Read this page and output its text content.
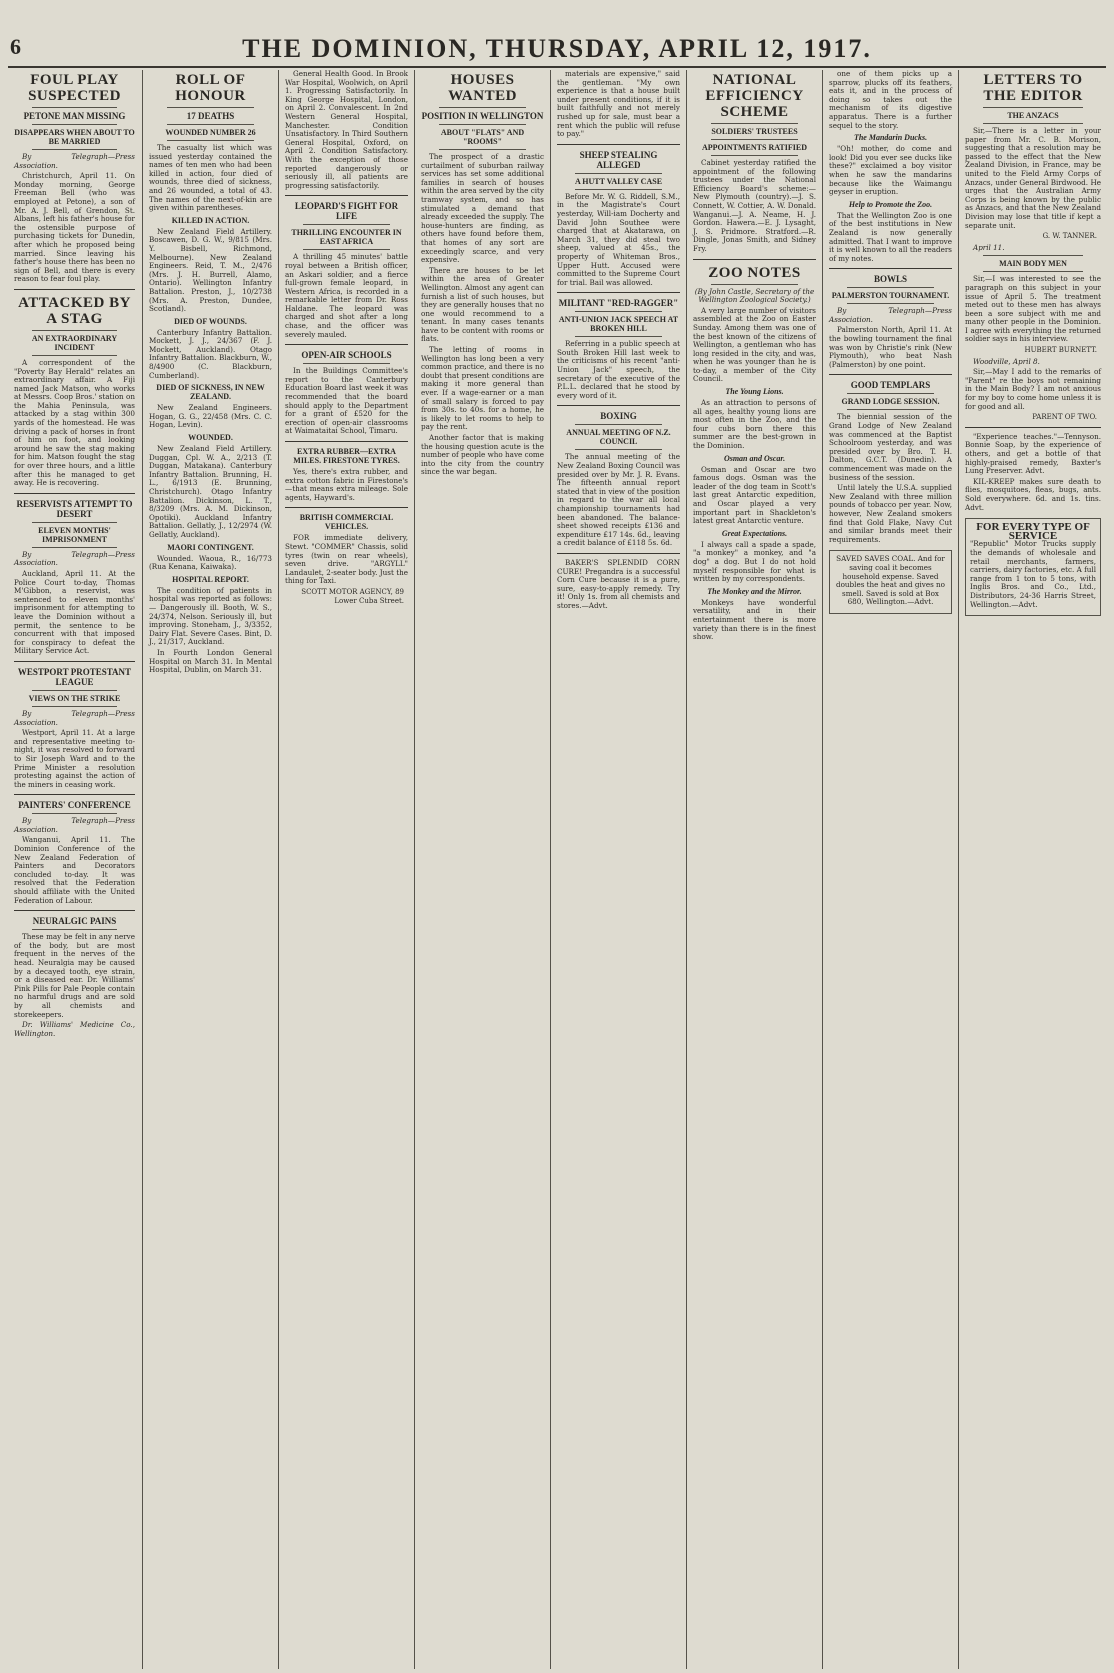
6	THE DOMINION, THURSDAY, APRIL 12, 1917.
FOUL PLAY SUSPECTED
PETONE MAN MISSING
DISAPPEARS WHEN ABOUT TO BE MARRIED

By Telegraph—Press Association.

Christchurch, April 11. On Monday morning, George Freeman Bell (who was employed at Petone), a son of Mr. A. J. Bell, of Grendon, St. Albans, left his father's house for the ostensible purpose of purchasing tickets for Dunedin, after which he proposed being married. Since leaving his father's house there has been no sign of Bell, and there is every reason to fear foul play.

ATTACKED BY A STAG
AN EXTRAORDINARY INCIDENT

A correspondent of the "Poverty Bay Herald" relates an extraordinary affair. A Fiji named Jack Matson, who works at Messrs. Coop Bros.' station on the Mahia Peninsula, was attacked by a stag within 300 yards of the homestead. He was driving a pack of horses in front of him on foot, and looking around he saw the stag making for him. Matson fought the stag for over three hours, and a little after this he managed to get away. He is recovering.

RESERVISTS ATTEMPT TO DESERT
ELEVEN MONTHS' IMPRISONMENT

By Telegraph—Press Association.

Auckland, April 11. At the Police Court to-day, Thomas M'Gibbon, a reservist, was sentenced to eleven months' imprisonment for attempting to leave the Dominion without a permit, the sentence to be concurrent with that imposed for conspiracy to defeat the Military Service Act.

WESTPORT PROTESTANT LEAGUE
VIEWS ON THE STRIKE

By Telegraph—Press Association.

Westport, April 11. At a large and representative meeting to-night, it was resolved to forward to Sir Joseph Ward and to the Prime Minister a resolution protesting against the action of the miners in ceasing work.

PAINTERS' CONFERENCE

By Telegraph—Press Association.

Wanganui, April 11. The Dominion Conference of the New Zealand Federation of Painters and Decorators concluded to-day. It was resolved that the Federation should affiliate with the United Federation of Labour.

NEURALGIC PAINS

These may be felt in any nerve of the body, but are most frequent in the nerves of the head. Neuralgia may be caused by a decayed tooth, eye strain, or a diseased ear. Dr. Williams' Pink Pills for Pale People contain no harmful drugs and are sold by all chemists and storekeepers.

Dr. Williams' Medicine Co., Wellington.

ROLL OF HONOUR
17 DEATHS
WOUNDED NUMBER 26

The casualty list which was issued yesterday contained the names of ten men who had been killed in action, four died of wounds, three died of sickness, and 26 wounded, a total of 43. The names of the next-of-kin are given within parentheses.

KILLED IN ACTION.

New Zealand Field Artillery. Boscawen, D. G. W., 9/815 (Mrs. Y. Bisbell, Richmond, Melbourne). New Zealand Engineers. Reid, T. M., 2/476 (Mrs. J. H. Burrell, Alamo, Ontario). Wellington Infantry Battalion. Preston, J., 10/2738 (Mrs. A. Preston, Dundee, Scotland).

DIED OF WOUNDS.

Canterbury Infantry Battalion. Mockett, J. J., 24/367 (F. J. Mockett, Auckland). Otago Infantry Battalion. Blackburn, W., 8/4900 (C. Blackburn, Cumberland).

DIED OF SICKNESS, IN NEW ZEALAND.

New Zealand Engineers. Hogan, G. G., 22/458 (Mrs. C. C. Hogan, Levin).

WOUNDED.

New Zealand Field Artillery. Duggan, Cpl. W. A., 2/213 (T. Duggan, Matakana). Canterbury Infantry Battalion. Brunning, H. L., 6/1913 (E. Brunning, Christchurch). Otago Infantry Battalion. Dickinson, L. T., 8/3209 (Mrs. A. M. Dickinson, Opotiki). Auckland Infantry Battalion. Gellatly, J., 12/2974 (W. Gellatly, Auckland).

MAORI CONTINGENT.

Wounded. Waoua, R., 16/773 (Rua Kenana, Kaiwaka).

HOSPITAL REPORT.

The condition of patients in hospital was reported as follows:— Dangerously ill. Booth, W. S., 24/374, Nelson. Seriously ill, but improving. Stoneham, J., 3/3352, Dairy Flat. Severe Cases. Bint, D. J., 21/317, Auckland.

In Fourth London General Hospital on March 31. In Mental Hospital, Dublin, on March 31.

General Health Good. In Brook War Hospital, Woolwich, on April 1. Progressing Satisfactorily. In King George Hospital, London, on April 2. Convalescent. In 2nd Western General Hospital, Manchester. Condition Unsatisfactory. In Third Southern General Hospital, Oxford, on April 2. Condition Satisfactory. With the exception of those reported dangerously or seriously ill, all patients are progressing satisfactorily.

LEOPARD'S FIGHT FOR LIFE
THRILLING ENCOUNTER IN EAST AFRICA

A thrilling 45 minutes' battle royal between a British officer, an Askari soldier, and a fierce full-grown female leopard, in Western Africa, is recorded in a remarkable letter from Dr. Ross Haldane. The leopard was charged and shot after a long chase, and the officer was severely mauled.

OPEN-AIR SCHOOLS

In the Buildings Committee's report to the Canterbury Education Board last week it was recommended that the board should apply to the Department for a grant of £520 for the erection of open-air classrooms at Waimataitai School, Timaru.

EXTRA RUBBER—EXTRA MILES. FIRESTONE TYRES.

Yes, there's extra rubber, and extra cotton fabric in Firestone's—that means extra mileage. Sole agents, Hayward's.

BRITISH COMMERCIAL VEHICLES.

FOR immediate delivery, Stewt. "COMMER" Chassis, solid tyres (twin on rear wheels), seven drive. "ARGYLL" Landaulet, 2-seater body. Just the thing for Taxi.

SCOTT MOTOR AGENCY, 89 Lower Cuba Street.

HOUSES WANTED
POSITION IN WELLINGTON
ABOUT "FLATS" AND "ROOMS"

The prospect of a drastic curtailment of suburban railway services has set some additional families in search of houses within the area served by the city tramway system, and so has stimulated a demand that already exceeded the supply. The house-hunters are finding, as others have found before them, that homes of any sort are exceedingly scarce, and very expensive.

There are houses to be let within the area of Greater Wellington. Almost any agent can furnish a list of such houses, but they are generally houses that no one would recommend to a tenant. In many cases tenants have to be content with rooms or flats.

The letting of rooms in Wellington has long been a very common practice, and there is no doubt that present conditions are making it more general than ever. If a wage-earner or a man of small salary is forced to pay from 30s. to 40s. for a home, he is likely to let rooms to help to pay the rent.

Another factor that is making the housing question acute is the number of people who have come into the city from the country since the war began.

materials are expensive," said the gentleman. "My own experience is that a house built under present conditions, if it is built faithfully and not merely rushed up for sale, must bear a rent which the public will refuse to pay."

SHEEP STEALING ALLEGED
A HUTT VALLEY CASE

Before Mr. W. G. Riddell, S.M., in the Magistrate's Court yesterday, Will-iam Docherty and David John Southee were charged that at Akatarawa, on March 31, they did steal two sheep, valued at 45s., the property of Whiteman Bros., Upper Hutt. Accused were committed to the Supreme Court for trial. Bail was allowed.

MILITANT "RED-RAGGER"
ANTI-UNION JACK SPEECH AT BROKEN HILL

Referring in a public speech at South Broken Hill last week to the criticisms of his recent "anti-Union Jack" speech, the secretary of the executive of the P.L.L. declared that he stood by every word of it.

BOXING
ANNUAL MEETING OF N.Z. COUNCIL

The annual meeting of the New Zealand Boxing Council was presided over by Mr. J. R. Evans. The fifteenth annual report stated that in view of the position in regard to the war all local championship tournaments had been abandoned. The balance-sheet showed receipts £136 and expenditure £17 14s. 6d., leaving a credit balance of £118 5s. 6d.

BAKER'S SPLENDID CORN CURE! Pregandra is a successful Corn Cure because it is a pure, sure, easy-to-apply remedy. Try it! Only 1s. from all chemists and stores.—Advt.

NATIONAL EFFICIENCY SCHEME
SOLDIERS' TRUSTEES
APPOINTMENTS RATIFIED

Cabinet yesterday ratified the appointment of the following trustees under the National Efficiency Board's scheme:— New Plymouth (country).—J. S. Connett, W. Cottier, A. W. Donald. Wanganui.—J. A. Neame, H. J. Gordon. Hawera.—E. J. Lysaght, J. S. Pridmore. Stratford.—R. Dingle, Jonas Smith, and Sidney Fry.

ZOO NOTES

(By John Castle, Secretary of the Wellington Zoological Society.)

A very large number of visitors assembled at the Zoo on Easter Sunday. Among them was one of the best known of the citizens of Wellington, a gentleman who has long resided in the city, and was, when he was younger than he is to-day, a member of the City Council.

The Young Lions.

As an attraction to persons of all ages, healthy young lions are most often in the Zoo, and the four cubs born there this summer are the best-grown in the Dominion.

Osman and Oscar.

Osman and Oscar are two famous dogs. Osman was the leader of the dog team in Scott's last great Antarctic expedition, and Oscar played a very important part in Shackleton's latest great Antarctic venture.

Great Expectations.

I always call a spade a spade, "a monkey" a monkey, and "a dog" a dog. But I do not hold myself responsible for what is written by my correspondents.

The Monkey and the Mirror.

Monkeys have wonderful versatility, and in their entertainment there is more variety than there is in the finest show.

one of them picks up a sparrow, plucks off its feathers, eats it, and in the process of doing so takes out the mechanism of its digestive apparatus. There is a further sequel to the story.

The Mandarin Ducks.

"Oh! mother, do come and look! Did you ever see ducks like these?" exclaimed a boy visitor when he saw the mandarins because like the Waimangu geyser in eruption.

Help to Promote the Zoo.

That the Wellington Zoo is one of the best institutions in New Zealand is now generally admitted. That I want to improve it is well known to all the readers of my notes.

BOWLS
PALMERSTON TOURNAMENT.

By Telegraph—Press Association.

Palmerston North, April 11. At the bowling tournament the final was won by Christie's rink (New Plymouth), who beat Nash (Palmerston) by one point.

GOOD TEMPLARS
GRAND LODGE SESSION.

The biennial session of the Grand Lodge of New Zealand was commenced at the Baptist Schoolroom yesterday, and was presided over by Bro. T. H. Dalton, G.C.T. (Dunedin). A commencement was made on the business of the session.

Until lately the U.S.A. supplied New Zealand with three million pounds of tobacco per year. Now, however, New Zealand smokers find that Gold Flake, Navy Cut and similar brands meet their requirements.

SAVED SAVES COAL. And for saving coal it becomes household expense. Saved doubles the heat and gives no smell. Saved is sold at Box 680, Wellington.—Advt.

LETTERS TO THE EDITOR
THE ANZACS

Sir,—There is a letter in your paper from Mr. C. B. Morison, suggesting that a resolution may be passed to the effect that the New Zealand Division, in France, may be united to the Field Army Corps of Anzacs, under General Birdwood. He urges that the Australian Army Corps is being known by the public as Anzacs, and that the New Zealand Division may lose that title if kept a separate unit.

G. W. TANNER.

April 11.

MAIN BODY MEN

Sir,—I was interested to see the paragraph on this subject in your issue of April 5. The treatment meted out to these men has always been a sore subject with me and many other people in the Dominion. I agree with everything the returned soldier says in his interview.

HUBERT BURNETT.

Woodville, April 8.

Sir,—May I add to the remarks of "Parent" re the boys not remaining in the Main Body? I am not anxious for my boy to come home unless it is for good and all.

PARENT OF TWO.

"Experience teaches."—Tennyson. Bonnie Soap, by the experience of others, and get a bottle of that highly-praised remedy, Baxter's Lung Preserver. Advt.

KIL-KREEP makes sure death to flies, mosquitoes, fleas, bugs, ants. Sold everywhere. 6d. and 1s. tins. Advt.

FOR EVERY TYPE OF SERVICE

"Republic" Motor Trucks supply the demands of wholesale and retail merchants, farmers, carriers, dairy factories, etc. A full range from 1 ton to 5 tons, with Inglis Bros. and Co., Ltd., Distributors, 24-36 Harris Street, Wellington.—Advt.
